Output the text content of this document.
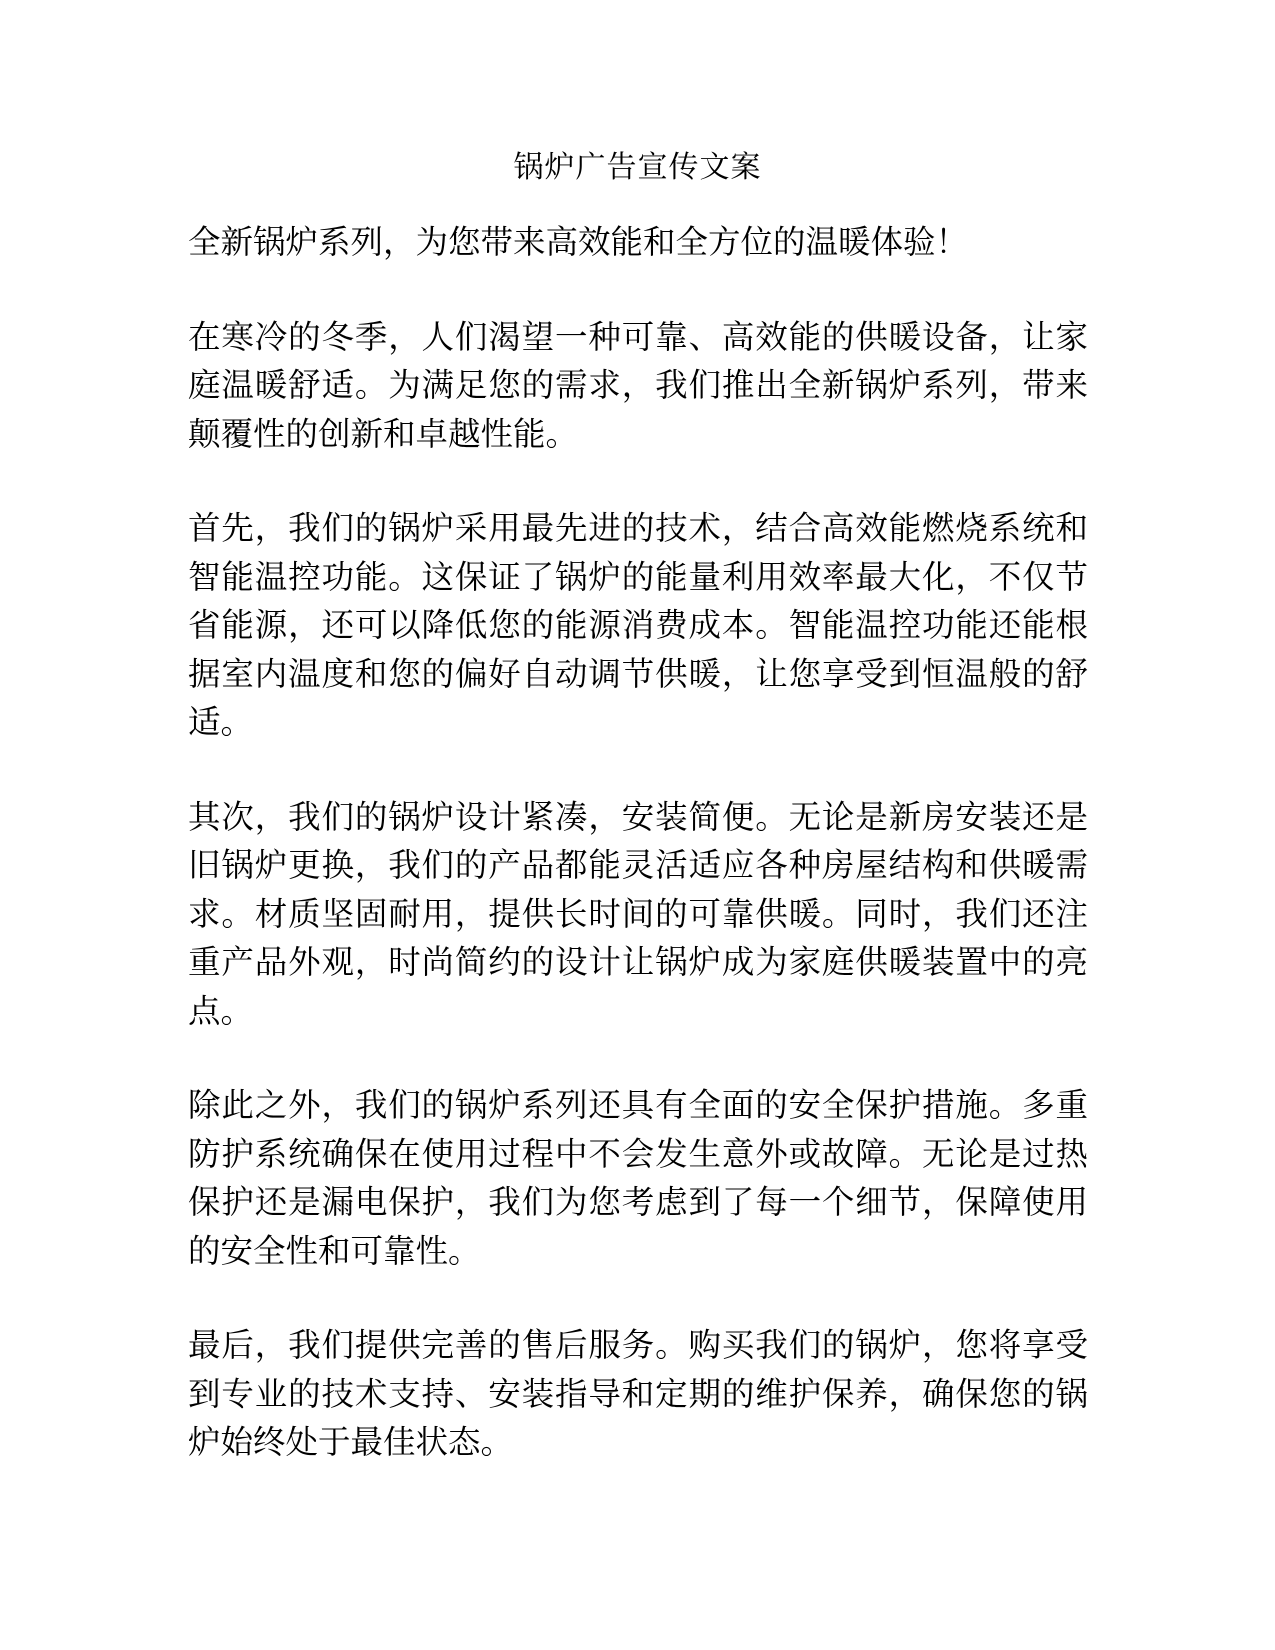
锅炉广告宣传文案

全新锅炉系列，为您带来高效能和全方位的温暖体验！

在寒冷的冬季，人们渴望一种可靠、高效能的供暖设备，让家庭温暖舒适。为满足您的需求，我们推出全新锅炉系列，带来颠覆性的创新和卓越性能。

首先，我们的锅炉采用最先进的技术，结合高效能燃烧系统和智能温控功能。这保证了锅炉的能量利用效率最大化，不仅节省能源，还可以降低您的能源消费成本。智能温控功能还能根据室内温度和您的偏好自动调节供暖，让您享受到恒温般的舒适。

其次，我们的锅炉设计紧凑，安装简便。无论是新房安装还是旧锅炉更换，我们的产品都能灵活适应各种房屋结构和供暖需求。材质坚固耐用，提供长时间的可靠供暖。同时，我们还注重产品外观，时尚简约的设计让锅炉成为家庭供暖装置中的亮点。

除此之外，我们的锅炉系列还具有全面的安全保护措施。多重防护系统确保在使用过程中不会发生意外或故障。无论是过热保护还是漏电保护，我们为您考虑到了每一个细节，保障使用的安全性和可靠性。

最后，我们提供完善的售后服务。购买我们的锅炉，您将享受到专业的技术支持、安装指导和定期的维护保养，确保您的锅炉始终处于最佳状态。
